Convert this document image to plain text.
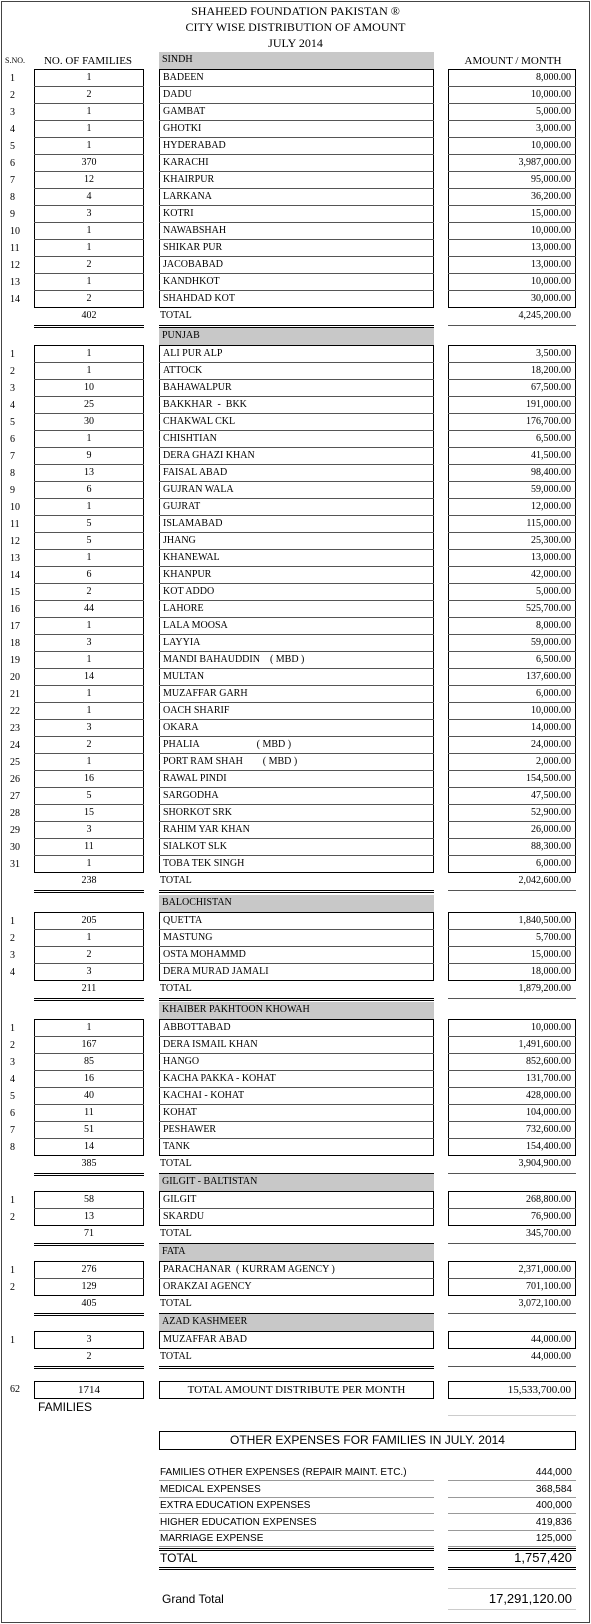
SHAHEED FOUNDATION PAKISTAN ®
CITY WISE DISTRIBUTION OF AMOUNT
JULY 2014
S.NO.	NO. OF FAMILIES	AMOUNT / MONTH
SINDH
1	1	BADEEN	8,000.00
2	2	DADU	10,000.00
3	1	GAMBAT	5,000.00
4	1	GHOTKI	3,000.00
5	1	HYDERABAD	10,000.00
6	370	KARACHI	3,987,000.00
7	12	KHAIRPUR	95,000.00
8	4	LARKANA	36,200.00
9	3	KOTRI	15,000.00
10	1	NAWABSHAH	10,000.00
11	1	SHIKAR PUR	13,000.00
12	2	JACOBABAD	13,000.00
13	1	KANDHKOT	10,000.00
14	2	SHAHDAD KOT	30,000.00
402	TOTAL	4,245,200.00
PUNJAB
1	1	ALI PUR ALP	3,500.00
2	1	ATTOCK	18,200.00
3	10	BAHAWALPUR	67,500.00
4	25	BAKKHAR  -  BKK	191,000.00
5	30	CHAKWAL CKL	176,700.00
6	1	CHISHTIAN	6,500.00
7	9	DERA GHAZI KHAN	41,500.00
8	13	FAISAL ABAD	98,400.00
9	6	GUJRAN WALA	59,000.00
10	1	GUJRAT	12,000.00
11	5	ISLAMABAD	115,000.00
12	5	JHANG	25,300.00
13	1	KHANEWAL	13,000.00
14	6	KHANPUR	42,000.00
15	2	KOT ADDO	5,000.00
16	44	LAHORE	525,700.00
17	1	LALA MOOSA	8,000.00
18	3	LAYYIA	59,000.00
19	1	MANDI BAHAUDDIN    ( MBD )	6,500.00
20	14	MULTAN	137,600.00
21	1	MUZAFFAR GARH	6,000.00
22	1	OACH SHARIF	10,000.00
23	3	OKARA	14,000.00
24	2	PHALIA                       ( MBD )	24,000.00
25	1	PORT RAM SHAH        ( MBD )	2,000.00
26	16	RAWAL PINDI	154,500.00
27	5	SARGODHA	47,500.00
28	15	SHORKOT SRK	52,900.00
29	3	RAHIM YAR KHAN	26,000.00
30	11	SIALKOT SLK	88,300.00
31	1	TOBA TEK SINGH	6,000.00
238	TOTAL	2,042,600.00
BALOCHISTAN
1	205	QUETTA	1,840,500.00
2	1	MASTUNG	5,700.00
3	2	OSTA MOHAMMD	15,000.00
4	3	DERA MURAD JAMALI	18,000.00
211	TOTAL	1,879,200.00
KHAIBER PAKHTOON KHOWAH
1	1	ABBOTTABAD	10,000.00
2	167	DERA ISMAIL KHAN	1,491,600.00
3	85	HANGO	852,600.00
4	16	KACHA PAKKA - KOHAT	131,700.00
5	40	KACHAI - KOHAT	428,000.00
6	11	KOHAT	104,000.00
7	51	PESHAWER	732,600.00
8	14	TANK	154,400.00
385	TOTAL	3,904,900.00
GILGIT - BALTISTAN
1	58	GILGIT	268,800.00
2	13	SKARDU	76,900.00
71	TOTAL	345,700.00
FATA
1	276	PARACHANAR  ( KURRAM AGENCY )	2,371,000.00
2	129	ORAKZAI AGENCY	701,100.00
405	TOTAL	3,072,100.00
AZAD KASHMEER
1	3	MUZAFFAR ABAD	44,000.00
2	TOTAL	44,000.00
62	1714	TOTAL AMOUNT DISTRIBUTE PER MONTH	15,533,700.00
FAMILIES
OTHER EXPENSES FOR FAMILIES IN JULY. 2014
FAMILIES OTHER EXPENSES (REPAIR MAINT. ETC.)	444,000
MEDICAL EXPENSES	368,584
EXTRA EDUCATION EXPENSES	400,000
HIGHER EDUCATION EXPENSES	419,836
MARRIAGE EXPENSE	125,000
TOTAL	1,757,420
Grand Total	17,291,120.00
